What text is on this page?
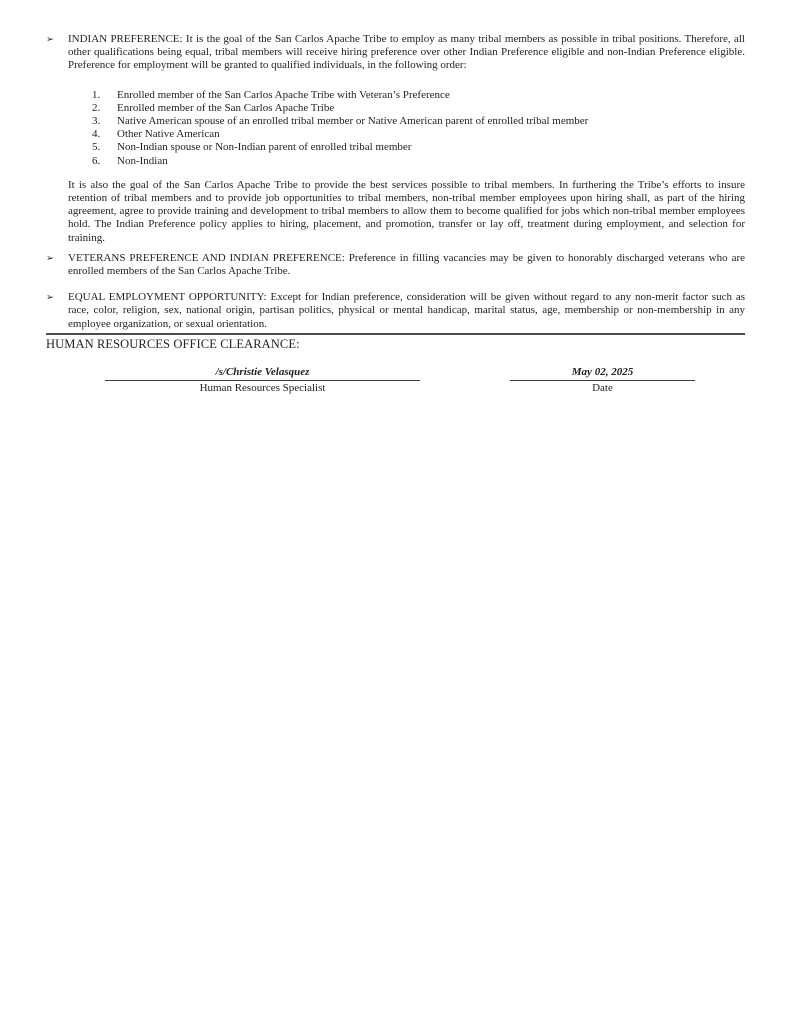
➢	INDIAN PREFERENCE: It is the goal of the San Carlos Apache Tribe to employ as many tribal members as possible in tribal positions. Therefore, all other qualifications being equal, tribal members will receive hiring preference over other Indian Preference eligible and non-Indian Preference eligible. Preference for employment will be granted to qualified individuals, in the following order:

1.	Enrolled member of the San Carlos Apache Tribe with Veteran’s Preference
2.	Enrolled member of the San Carlos Apache Tribe
3.	Native American spouse of an enrolled tribal member or Native American parent of enrolled tribal member
4.	Other Native American
5.	Non-Indian spouse or Non-Indian parent of enrolled tribal member
6.	Non-Indian

It is also the goal of the San Carlos Apache Tribe to provide the best services possible to tribal members. In furthering the Tribe’s efforts to insure retention of tribal members and to provide job opportunities to tribal members, non-tribal member employees upon hiring shall, as part of the hiring agreement, agree to provide training and development to tribal members to allow them to become qualified for jobs which non-tribal member employees hold. The Indian Preference policy applies to hiring, placement, and promotion, transfer or lay off, treatment during employment, and selection for training.

➢	VETERANS PREFERENCE AND INDIAN PREFERENCE: Preference in filling vacancies may be given to honorably discharged veterans who are enrolled members of the San Carlos Apache Tribe.

➢	EQUAL EMPLOYMENT OPPORTUNITY: Except for Indian preference, consideration will be given without regard to any non-merit factor such as race, color, religion, sex, national origin, partisan politics, physical or mental handicap, marital status, age, membership or non-membership in any employee organization, or sexual orientation.

HUMAN RESOURCES OFFICE CLEARANCE:
/s/Christie Velasquez
Human Resources Specialist
May 02, 2025
Date
